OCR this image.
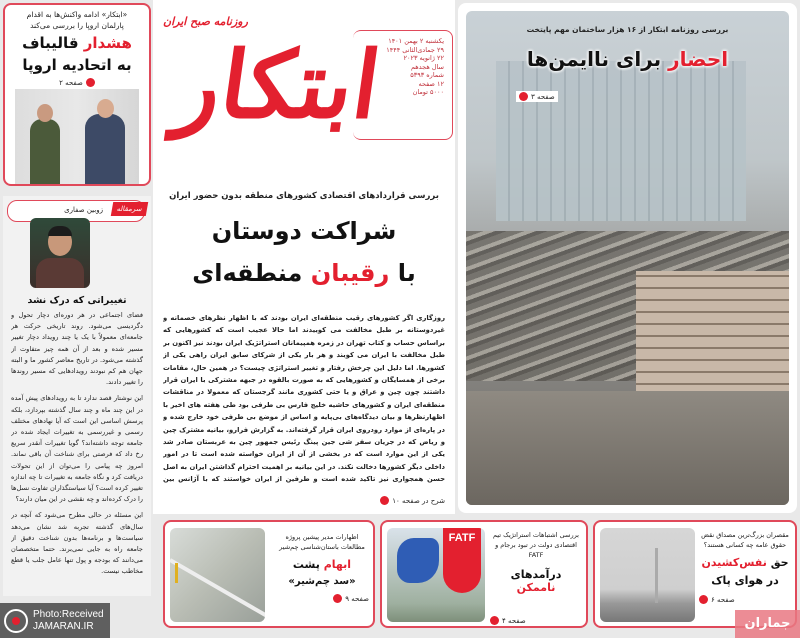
«ابتکار» ادامه واکنش‌ها به اقدام پارلمان اروپا را بررسی می‌کند
هشدار قالیباف
به اتحادیه اروپا
صفحه ۲
سرمقاله
زوبین صفاری
تغییراتی که درک نشد

فضای اجتماعی در هر دوره‌ای دچار تحول و دگردیسی می‌شود. روند تاریخی حرکت هر جامعه‌ای معمولاً با یک یا چند رویداد دچار تغییر مسیر شده و بعد از آن همه چیز متفاوت از گذشته می‌شود. در تاریخ معاصر کشور ما و البته جهان هم کم نبودند رویدادهایی که مسیر روندها را تغییر دادند.

این نوشتار قصد ندارد تا به رویدادهای پیش آمده در این چند ماه و چند سال گذشته بپردازد، بلکه پرسش اساسی این است که آیا نهادهای مختلف رسمی و غیررسمی به تغییرات ایجاد شده در جامعه توجه داشته‌اند؟ گویا تغییرات آنقدر سریع رخ داد که فرصتی برای شناخت آن باقی نماند. امروز چه پیامی را می‌توان از این تحولات دریافت کرد و نگاه جامعه به تغییرات تا چه اندازه تغییر کرده است؟ آیا سیاستگذاران تفاوت نسل‌ها را درک کرده‌اند و چه نقشی در این میان دارند؟

این مسئله در حالی مطرح می‌شود که آنچه در سال‌های گذشته تجربه شد نشان می‌دهد سیاست‌ها و برنامه‌ها بدون شناخت دقیق از جامعه راه به جایی نمی‌برند. حتما متخصصان می‌دانند که بودجه و پول تنها عامل جلب یا قطع مخاطب نیست.

Photo:Received
JAMARAN.IR
ابتکار
روزنامه صبح ایران
یکشنبه ۲ بهمن ۱۴۰۱
۲۹ جمادی‌الثانی ۱۴۴۴
۲۲ ژانویه ۲۰۲۳
سال هجدهم
شماره ۵۳۹۳
۱۲ صفحه
۵۰۰۰ تومان
بررسی قراردادهای اقتصادی کشورهای منطقه بدون حضور ایران
شراکت دوستان
با رقیبان منطقه‌ای
روزگاری اگر کشورهای رقیب منطقه‌ای ایران بودند که با اظهار نظرهای خصمانه و غیردوستانه بر طبل مخالفت می کوبیدند اما حالا عجیب است که کشورهایی که براساس حساب و کتاب تهران در زمره همپیمانان استراتژیک ایران بودند نیز اکنون بر طبل مخالفت با ایران می کوبند و هر بار یکی از شرکای سابق ایران راهی یکی از کشورها. اما دلیل این چرخش رفتار و تغییر استراتژی چیست؟ در همین حال، مقامات برخی از همسایگان و کشورهایی که به صورت بالقوه در جبهه مشترکی با ایران قرار داشتند چون چین و عراق و یا حتی کشوری مانند گرجستان که معمولا در مناقشات منطقه‌ای ایران و کشورهای حاشیه خلیج فارس بی طرفی بود طی هفته های اخیر با اظهارنظرها و بیان دیدگاه‌های بی‌پایه و اساس از موضع بی طرفی خود خارج شده و در پاره‌ای از موارد رودروی ایران قرار گرفته‌اند. به گزارش فرارو، بیانیه مشترک چین و ریاض که در جریان سفر شی جین پینگ رئیس جمهور چین به عربستان صادر شد یکی از این موارد است که در بخشی از آن از ایران خواسته شده است تا در امور داخلی دیگر کشورها دخالت نکند. در این بیانیه بر اهمیت احترام گذاشتن ایران به اصل حسن همجواری نیز تاکید شده است و طرفین از ایران خواستند که با آژانس بین
شرح در صفحه ۱۰
بررسی روزنامه ابتکار از ۱۶ هزار ساختمان مهم پایتخت
احضار برای ناایمن‌ها
صفحه ۳
مقصران بزرگ‌ترین مصداق نقض حقوق عامه چه کسانی هستند؟
حق نفس‌کشیدن
در هوای پاک
صفحه ۶
جماران
بررسی اشتباهات استراتژیک تیم اقتصادی دولت در تبود برجام و FATF
درآمدهای ناممکن
صفحه ۴
FATF
اظهارات مدیر پیشین پروژه مطالعات باستان‌شناسی چم‌شیر
ابهام پشت
«سد چم‌شیر»
صفحه ۹
